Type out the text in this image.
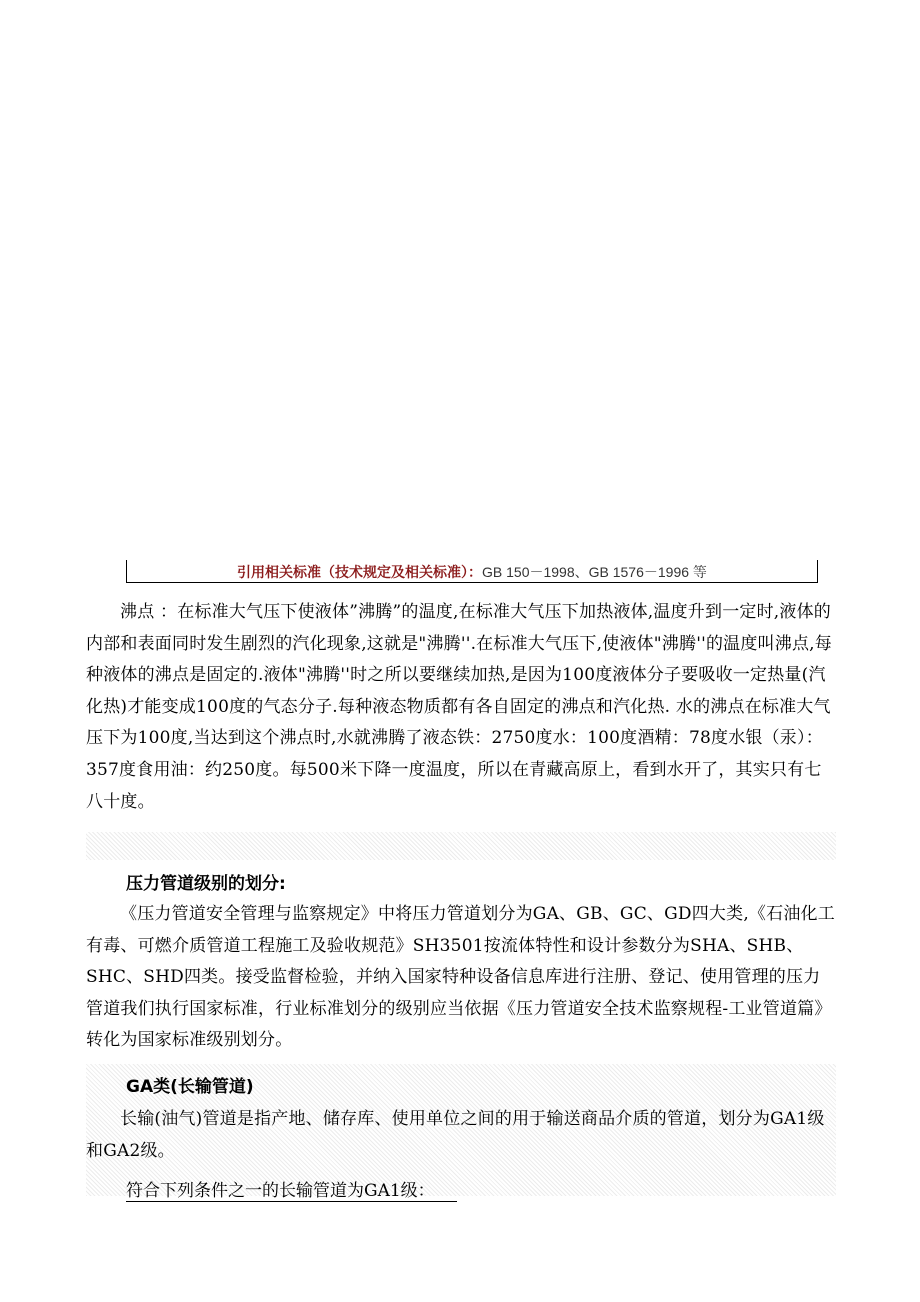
引用相关标准（技术规定及相关标准）：GB 150－1998、GB 1576－1996 等

沸点 ：在标准大气压下使液体”沸腾”的温度,在标准大气压下加热液体,温度升到一定时,液体的内部和表面同时发生剧烈的汽化现象,这就是"沸腾''.在标准大气压下,使液体"沸腾''的温度叫沸点,每种液体的沸点是固定的.液体"沸腾''时之所以要继续加热,是因为100度液体分子要吸收一定热量(汽化热)才能变成100度的气态分子.每种液态物质都有各自固定的沸点和汽化热. 水的沸点在标准大气压下为100度,当达到这个沸点时,水就沸腾了液态铁：2750度水：100度酒精：78度水银（汞）：357度食用油：约250度。每500米下降一度温度，所以在青藏高原上，看到水开了，其实只有七八十度。

压力管道级别的划分:

《压力管道安全管理与监察规定》中将压力管道划分为GA、GB、GC、GD四大类,《石油化工有毒、可燃介质管道工程施工及验收规范》SH3501按流体特性和设计参数分为SHA、SHB、SHC、SHD四类。接受监督检验，并纳入国家特种设备信息库进行注册、登记、使用管理的压力管道我们执行国家标准，行业标准划分的级别应当依据《压力管道安全技术监察规程-工业管道篇》转化为国家标准级别划分。

GA类(长输管道)

长输(油气)管道是指产地、储存库、使用单位之间的用于输送商品介质的管道，划分为GA1级和GA2级。

符合下列条件之一的长输管道为GA1级：
